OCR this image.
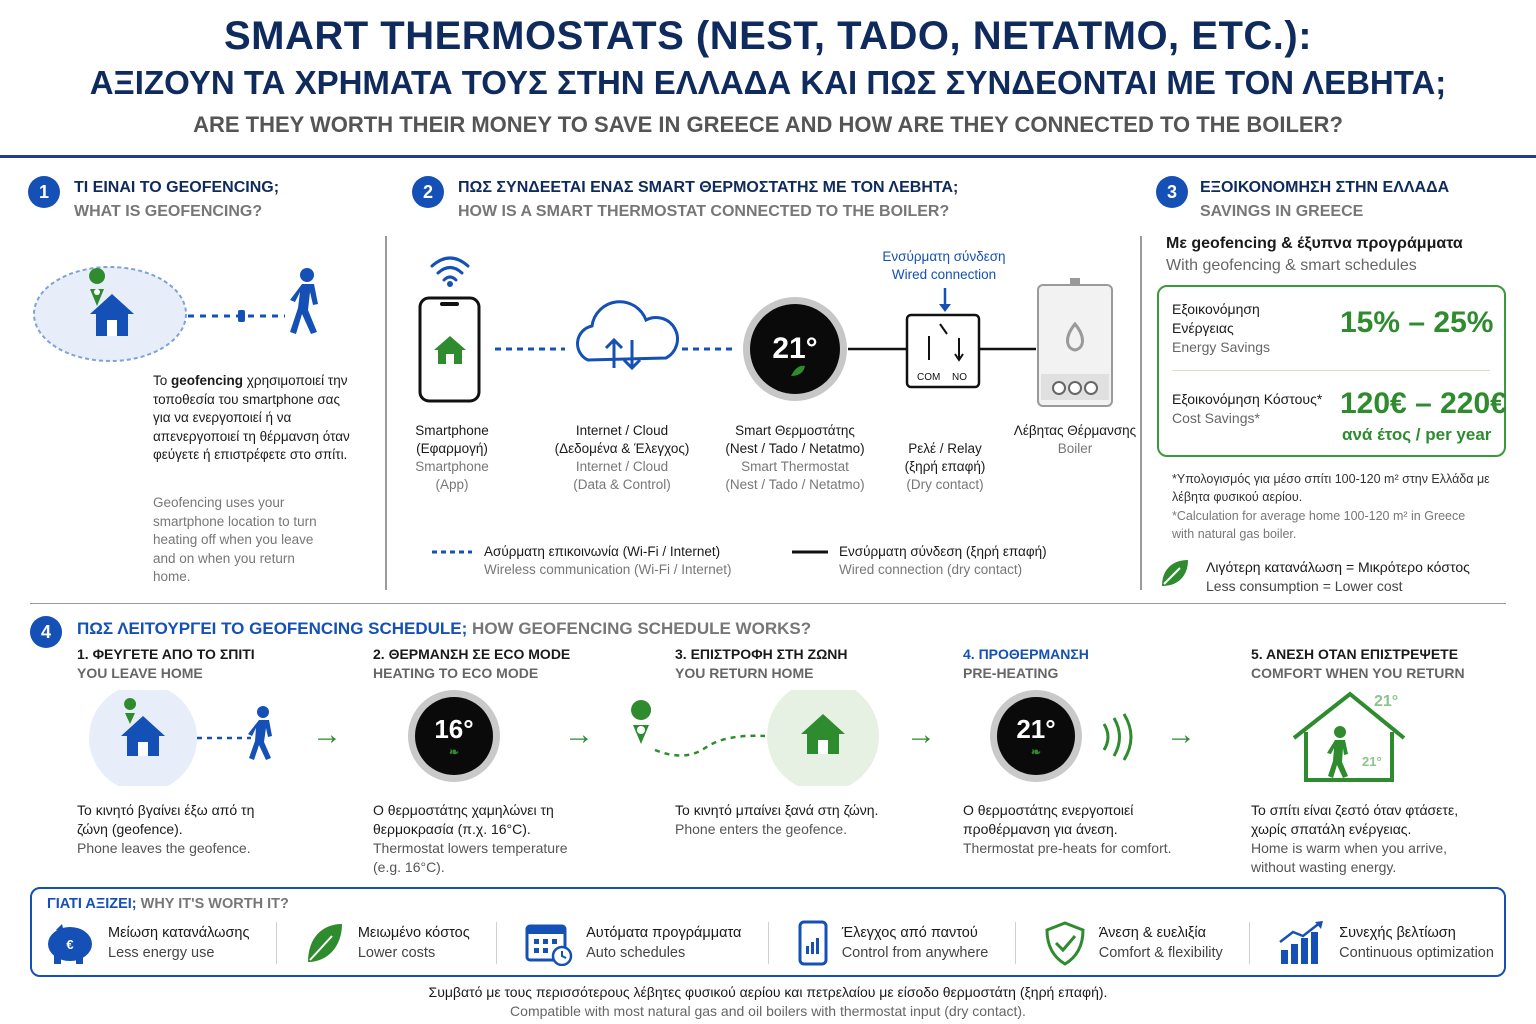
SMART THERMOSTATS (NEST, TADO, NETATMO, ETC.):
ΑΞΙΖΟΥΝ ΤΑ ΧΡΗΜΑΤΑ ΤΟΥΣ ΣΤΗΝ ΕΛΛΑΔΑ ΚΑΙ ΠΩΣ ΣΥΝΔΕΟΝΤΑΙ ΜΕ ΤΟΝ ΛΕΒΗΤΑ;
ARE THEY WORTH THEIR MONEY TO SAVE IN GREECE AND HOW ARE THEY CONNECTED TO THE BOILER?
1	ΤΙ ΕΙΝΑΙ ΤΟ GEOFENCING;
WHAT IS GEOFENCING?
Το geofencing χρησιμοποιεί την τοποθεσία του smartphone σας για να ενεργοποιεί ή να απενεργοποιεί τη θέρμανση όταν φεύγετε ή επιστρέφετε στο σπίτι.
Geofencing uses your smartphone location to turn heating off when you leave and on when you return home.
2	ΠΩΣ ΣΥΝΔΕΕΤΑΙ ΕΝΑΣ SMART ΘΕΡΜΟΣΤΑΤΗΣ ΜΕ ΤΟΝ ΛΕΒΗΤΑ;
HOW IS A SMART THERMOSTAT CONNECTED TO THE BOILER?
21°
COM NO
Ενσύρματη σύνδεση
Wired connection
Smartphone
(Εφαρμογή)
Smartphone
(App)
Internet / Cloud
(Δεδομένα & Έλεγχος)
Internet / Cloud
(Data & Control)
Smart Θερμοστάτης
(Nest / Tado / Netatmo)
Smart Thermostat
(Nest / Tado / Netatmo)
Ρελέ / Relay
(ξηρή επαφή)
(Dry contact)
Λέβητας Θέρμανσης
Boiler
Ασύρματη επικοινωνία (Wi-Fi / Internet)
Wireless communication (Wi-Fi / Internet)
Ενσύρματη σύνδεση (ξηρή επαφή)
Wired connection (dry contact)
3	ΕΞΟΙΚΟΝΟΜΗΣΗ ΣΤΗΝ ΕΛΛΑΔΑ
SAVINGS IN GREECE
Με geofencing & έξυπνα προγράμματα
With geofencing & smart schedules
Εξοικονόμηση
Ενέργειας
Energy Savings
15% – 25%
Εξοικονόμηση Κόστους*
Cost Savings*	120€ – 220€
ανά έτος / per year
*Υπολογισμός για μέσο σπίτι 100-120 m² στην Ελλάδα με λέβητα φυσικού αερίου.
*Calculation for average home 100-120 m² in Greece with natural gas boiler.
Λιγότερη κατανάλωση = Μικρότερο κόστος
Less consumption = Lower cost
4	ΠΩΣ ΛΕΙΤΟΥΡΓΕΙ ΤΟ GEOFENCING SCHEDULE; HOW GEOFENCING SCHEDULE WORKS?
1. ΦΕΥΓΕΤΕ ΑΠΟ ΤΟ ΣΠΙΤΙ
YOU LEAVE HOME
2. ΘΕΡΜΑΝΣΗ ΣΕ ECO MODE
HEATING TO ECO MODE
3. ΕΠΙΣΤΡΟΦΗ ΣΤΗ ΖΩΝΗ
YOU RETURN HOME
4. ΠΡΟΘΕΡΜΑΝΣΗ
PRE-HEATING
5. ΑΝΕΣΗ ΟΤΑΝ ΕΠΙΣΤΡΕΨΕΤΕ
COMFORT WHEN YOU RETURN
→	16°
❧
→	→	21°
❧
→
21°
21°
Το κινητό βγαίνει έξω από τη ζώνη (geofence).
Phone leaves the geofence.
Ο θερμοστάτης χαμηλώνει τη θερμοκρασία (π.χ. 16°C).
Thermostat lowers temperature (e.g. 16°C).
Το κινητό μπαίνει ξανά στη ζώνη.
Phone enters the geofence.
Ο θερμοστάτης ενεργοποιεί προθέρμανση για άνεση.
Thermostat pre-heats for comfort.
Το σπίτι είναι ζεστό όταν φτάσετε, χωρίς σπατάλη ενέργειας.
Home is warm when you arrive, without wasting energy.
ΓΙΑΤΙ ΑΞΙΖΕΙ; WHY IT'S WORTH IT?
€
Μείωση κατανάλωσης
Less energy use
Μειωμένο κόστος
Lower costs
Αυτόματα προγράμματα
Auto schedules
Έλεγχος από παντού
Control from anywhere
Άνεση & ευελιξία
Comfort & flexibility
Συνεχής βελτίωση
Continuous optimization
Συμβατό με τους περισσότερους λέβητες φυσικού αερίου και πετρελαίου με είσοδο θερμοστάτη (ξηρή επαφή).
Compatible with most natural gas and oil boilers with thermostat input (dry contact).
